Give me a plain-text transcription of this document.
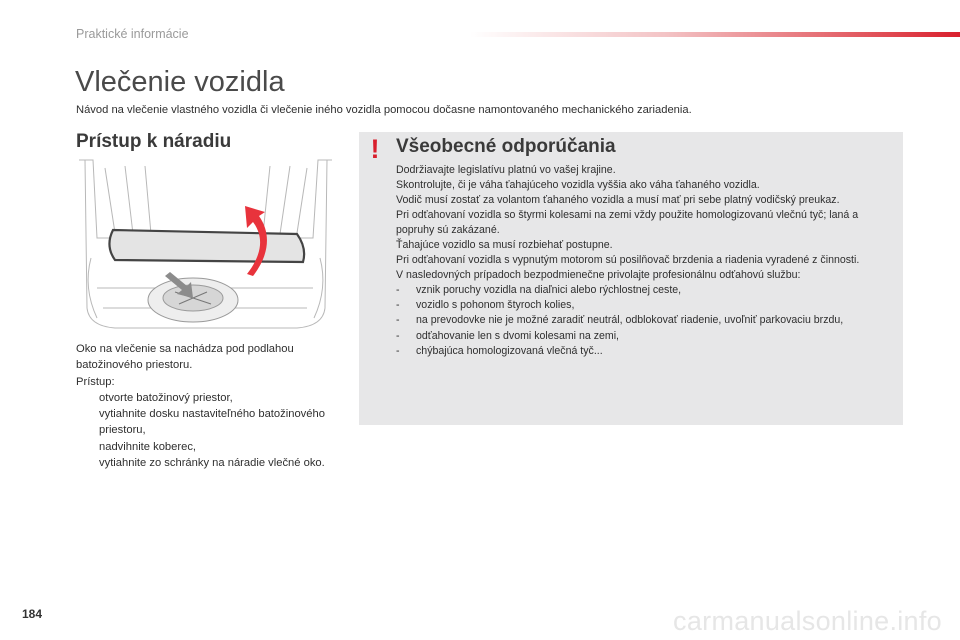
Praktické informácie
Vlečenie vozidla
Návod na vlečenie vlastného vozidla či vlečenie iného vozidla pomocou dočasne namontovaného mechanického zariadenia.
Prístup k náradiu

Oko na vlečenie sa nachádza pod podlahou batožinového priestoru.

Prístup:

otvorte batožinový priestor,
vytiahnite dosku nastaviteľného batožinového priestoru,
nadvihnite koberec,
vytiahnite zo schránky na náradie vlečné oko.
! Všeobecné odporúčania

Dodržiavajte legislatívu platnú vo vašej krajine.

Skontrolujte, či je váha ťahajúceho vozidla vyššia ako váha ťahaného vozidla.

Vodič musí zostať za volantom ťahaného vozidla a musí mať pri sebe platný vodičský preukaz.

Pri odťahovaní vozidla so štyrmi kolesami na zemi vždy použite homologizovanú vlečnú tyč; laná a popruhy sú zakázané.

Ťahajúce vozidlo sa musí rozbiehať postupne.

Pri odťahovaní vozidla s vypnutým motorom sú posilňovač brzdenia a riadenia vyradené z činnosti.

V nasledovných prípadoch bezpodmienečne privolajte profesionálnu odťahovú službu:

- vznik poruchy vozidla na diaľnici alebo rýchlostnej ceste,
- vozidlo s pohonom štyroch kolies,
- na prevodovke nie je možné zaradiť neutrál, odblokovať riadenie, uvoľniť parkovaciu brzdu,
- odťahovanie len s dvomi kolesami na zemi,
- chýbajúca homologizovaná vlečná tyč...
184	carmanualsonline.info
